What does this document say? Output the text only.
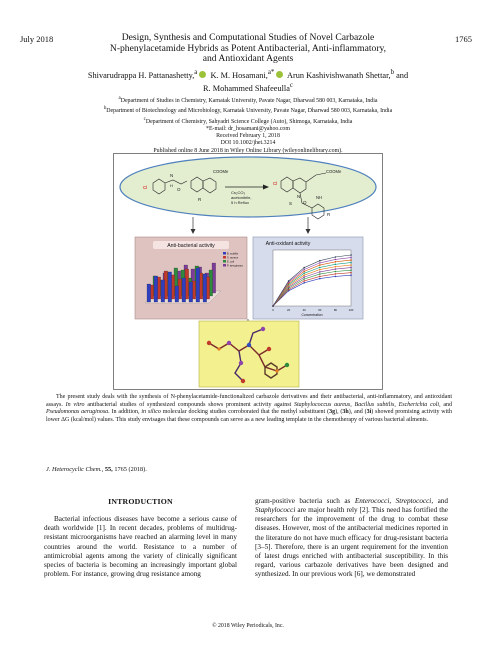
July 2018	1765
Design, Synthesis and Computational Studies of Novel Carbazole
N-phenylacetamide Hybrids as Potent Antibacterial, Anti-inflammatory,
and Antioxidant Agents
Shivarudrappa H. Pattanashetty,$^a$ K. M. Hosamani,$^{a*}$ Arun Kashivishwanath Shettar,$^b$ and
R. Mohammed Shafeeulla$^c$
$^a$Department of Studies in Chemistry, Karnatak University, Pavate Nagar, Dharwad 580 003, Karnataka, India
$^b$Department of Biotechnology and Microbiology, Karnatak University, Pavate Nagar, Dharwad 580 003, Karnataka, India
$^c$Department of Chemistry, Sahyadri Science College (Auto), Shimoga, Karnataka, India
*E-mail: dr_hosamani@yahoo.com
Received February 1, 2018
DOI 10.1002/jhet.3214
Published online 8 June 2018 in Wiley Online Library (wileyonlinelibrary.com).
Cl
N
H
O
R
COOMe
Cs₂CO₃
acetonitrile,
5 h Reflux
COOMe
Cl
N
O
NH
R
S
Anti-bacterial activity
B. subtilis
S. aureus
E. coli
P. aeruginosa
Anti-oxidant activity
0	20	40	60	80	100
Concentration
The present study deals with the synthesis of N-phenylacetamide-functionalized carbazole derivatives and their antibacterial, anti-inflammatory, and antioxidant assays. In vitro antibacterial studies of synthesized compounds shows prominent activity against Staphylococcus aureus, Bacillus subtilis, Escherichia coli, and Pseudomonas aeruginosa. In addition, in silico molecular docking studies corroborated that the methyl substituent (3g), (3h), and (3i) showed promising activity with lower ΔG (kcal/mol) values. This study envisages that these compounds can serve as a new leading template in the chemotherapy of various bacterial ailments.
J. Heterocyclic Chem., 55, 1765 (2018).
INTRODUCTION
Bacterial infectious diseases have become a serious cause of death worldwide [1]. In recent decades, problems of multidrug-resistant microorganisms have reached an alarming level in many countries around the world. Resistance to a number of antimicrobial agents among the variety of clinically significant species of bacteria is becoming an increasingly important global problem. For instance, growing drug resistance among
gram-positive bacteria such as Enterococci, Streptococci, and Staphylococci are major health rely [2]. This need has fortified the researchers for the improvement of the drug to combat these diseases. However, most of the antibacterial medicines reported in the literature do not have much efficacy for drug-resistant bacteria [3–5]. Therefore, there is an urgent requirement for the invention of latest drugs enriched with antibacterial susceptibility. In this regard, various carbazole derivatives have been designed and synthesized. In our previous work [6], we demonstrated
© 2018 Wiley Periodicals, Inc.
